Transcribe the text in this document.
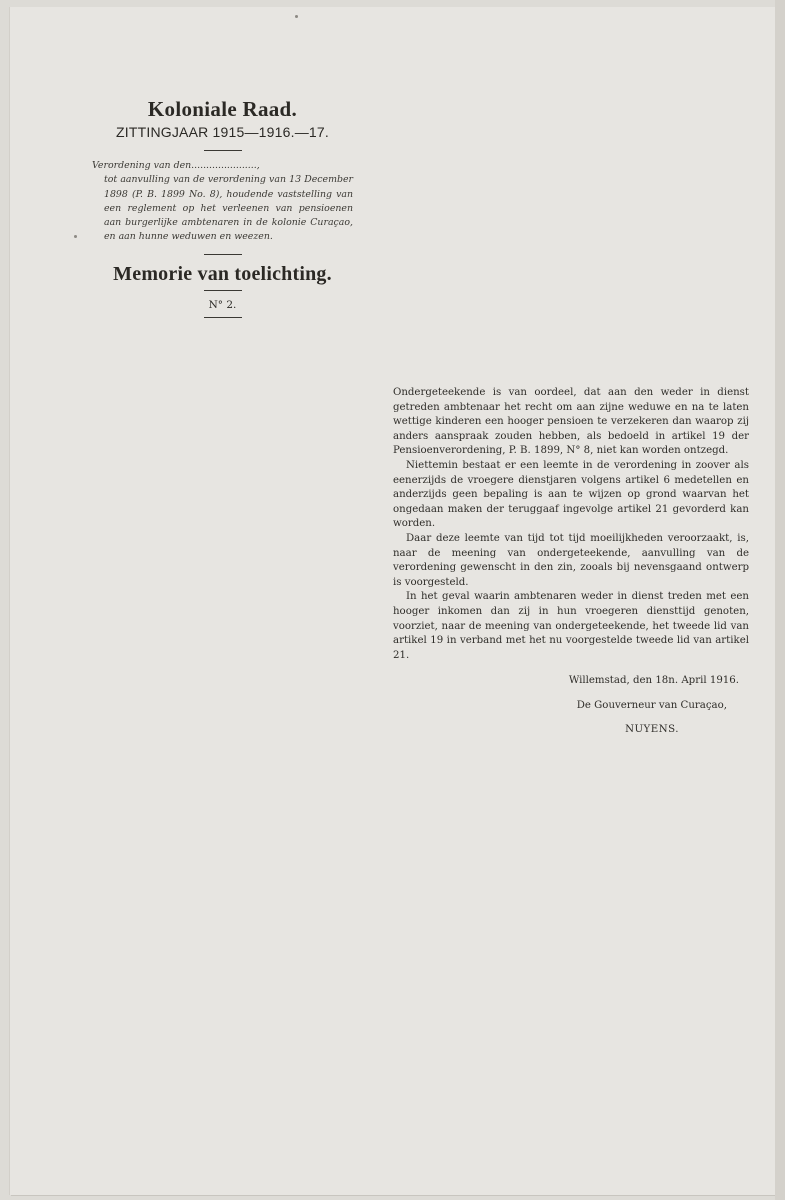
Koloniale Raad.
ZITTINGJAAR 1915—1916.—17.
Verordening van den......................,
tot aanvulling van de verordening van 13 December 1898 (P. B. 1899 No. 8), houdende vaststelling van een reglement op het verleenen van pensioenen aan burgerlijke ambtenaren in de kolonie Curaçao, en aan hunne weduwen en weezen.
Memorie van toelichting.
N° 2.

Ondergeteekende is van oordeel, dat aan den weder in dienst getreden ambtenaar het recht om aan zijne weduwe en na te laten wettige kinderen een hooger pensioen te verzekeren dan waarop zij anders aanspraak zouden hebben, als bedoeld in artikel 19 der Pensioenverordening, P. B. 1899, N° 8, niet kan worden ontzegd.

Niettemin bestaat er een leemte in de verordening in zoover als eenerzijds de vroegere dienstjaren volgens artikel 6 medetellen en anderzijds geen bepaling is aan te wijzen op grond waarvan het ongedaan maken der teruggaaf ingevolge artikel 21 gevorderd kan worden.

Daar deze leemte van tijd tot tijd moeilijkheden veroorzaakt, is, naar de meening van ondergeteekende, aanvulling van de verordening gewenscht in den zin, zooals bij nevensgaand ontwerp is voorgesteld.

In het geval waarin ambtenaren weder in dienst treden met een hooger inkomen dan zij in hun vroegeren diensttijd genoten, voorziet, naar de meening van ondergeteekende, het tweede lid van artikel 19 in verband met het nu voorgestelde tweede lid van artikel 21.

Willemstad, den 18n. April 1916.
De Gouverneur van Curaçao,
NUYENS.
